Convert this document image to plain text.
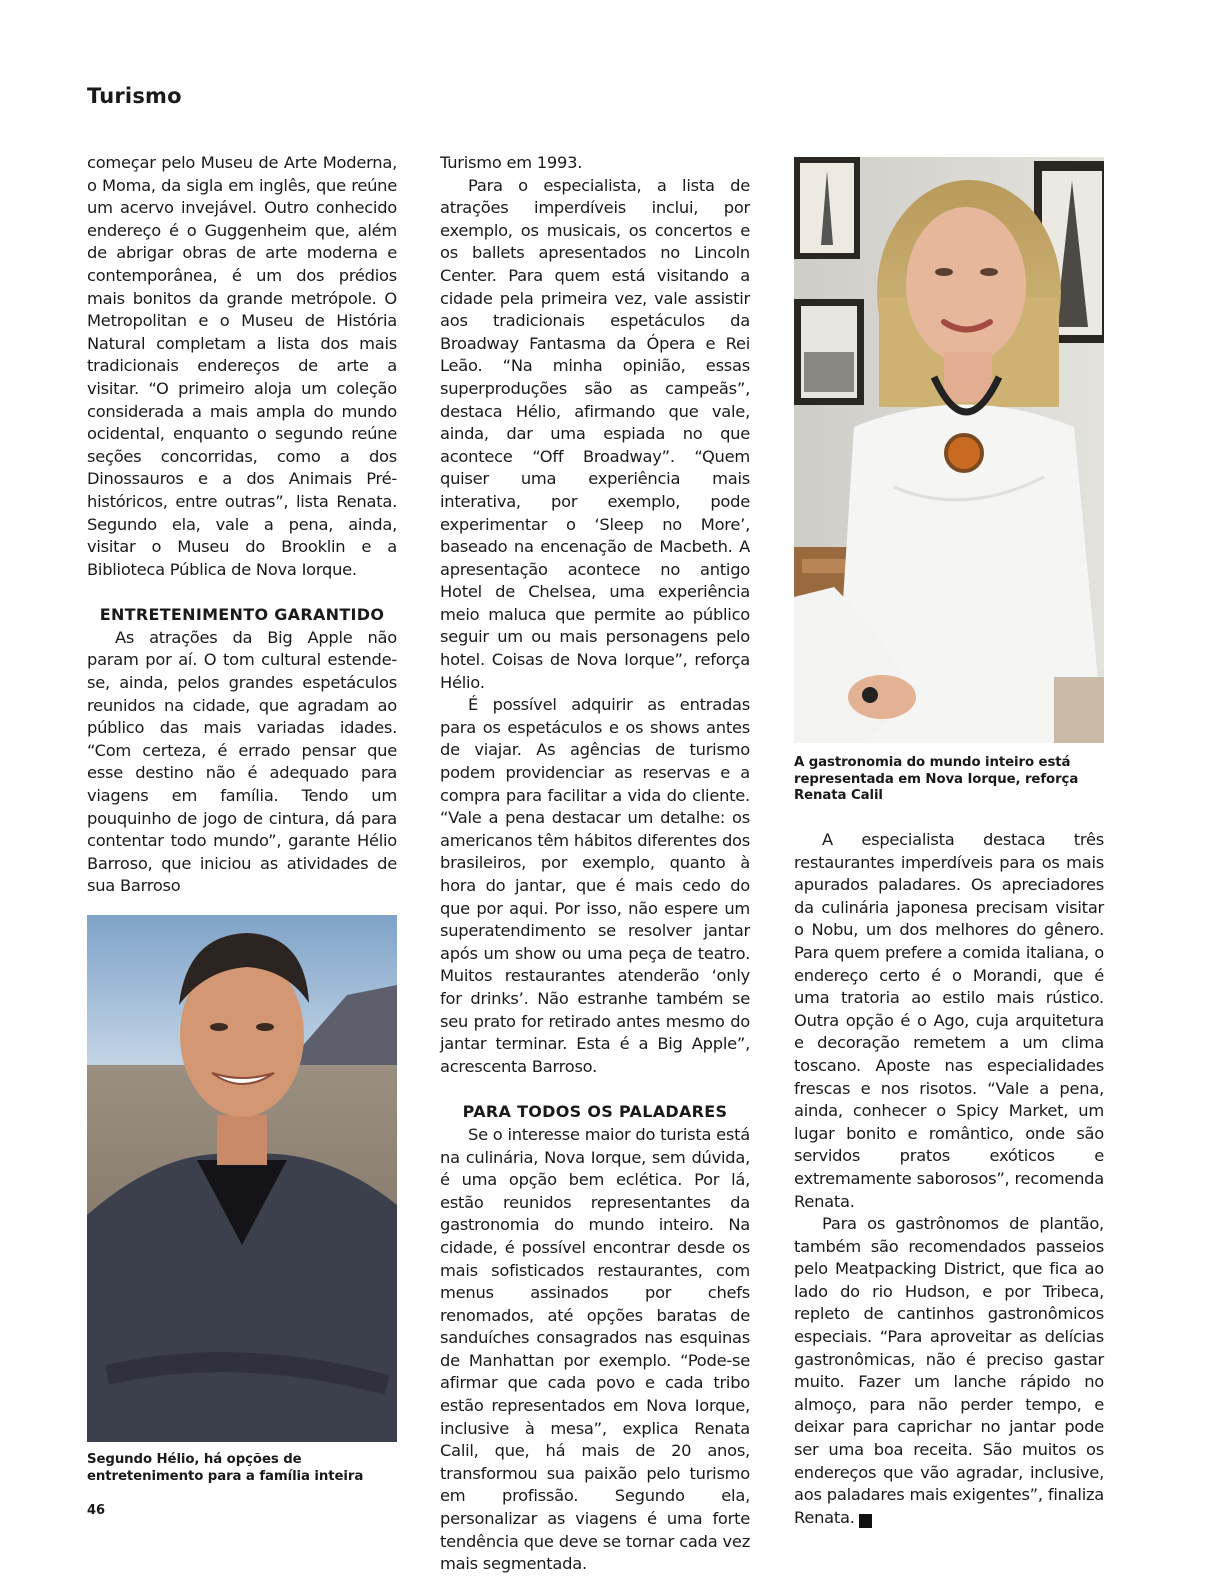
Turismo

começar pelo Museu de Arte Moderna, o Moma, da sigla em inglês, que reúne um acervo invejável. Outro conhecido endereço é o Guggenheim que, além de abrigar obras de arte moderna e contemporânea, é um dos prédios mais bonitos da grande metrópole. O Metropolitan e o Museu de História Natural completam a lista dos mais tradicionais endereços de arte a visitar. “O primeiro aloja um coleção considerada a mais ampla do mundo ocidental, enquanto o segundo reúne seções concorridas, como a dos Dinossauros e a dos Animais Pré-históricos, entre outras”, lista Renata. Segundo ela, vale a pena, ainda, visitar o Museu do Brooklin e a Biblioteca Pública de Nova Iorque.

ENTRETENIMENTO GARANTIDO

As atrações da Big Apple não param por aí. O tom cultural estende-se, ainda, pelos grandes espetáculos reunidos na cidade, que agradam ao público das mais variadas idades. “Com certeza, é errado pensar que esse destino não é adequado para viagens em família. Tendo um pouquinho de jogo de cintura, dá para contentar todo mundo”, garante Hélio Barroso, que iniciou as atividades de sua Barroso

Turismo em 1993.

Para o especialista, a lista de atrações imperdíveis inclui, por exemplo, os musicais, os concertos e os ballets apresentados no Lincoln Center. Para quem está visitando a cidade pela primeira vez, vale assistir aos tradicionais espetáculos da Broadway Fantasma da Ópera e Rei Leão. “Na minha opinião, essas superproduções são as campeãs”, destaca Hélio, afirmando que vale, ainda, dar uma espiada no que acontece “Off Broadway”. “Quem quiser uma experiência mais interativa, por exemplo, pode experimentar o ‘Sleep no More’, baseado na encenação de Macbeth. A apresentação acontece no antigo Hotel de Chelsea, uma experiência meio maluca que permite ao público seguir um ou mais personagens pelo hotel. Coisas de Nova Iorque”, reforça Hélio.

É possível adquirir as entradas para os espetáculos e os shows antes de viajar. As agências de turismo podem providenciar as reservas e a compra para facilitar a vida do cliente. “Vale a pena destacar um detalhe: os americanos têm hábitos diferentes dos brasileiros, por exemplo, quanto à hora do jantar, que é mais cedo do que por aqui. Por isso, não espere um superatendimento se resolver jantar após um show ou uma peça de teatro. Muitos restaurantes atenderão ‘only for drinks’. Não estranhe também se seu prato for retirado antes mesmo do jantar terminar. Esta é a Big Apple”, acrescenta Barroso.

PARA TODOS OS PALADARES

Se o interesse maior do turista está na culinária, Nova Iorque, sem dúvida, é uma opção bem eclética. Por lá, estão reunidos representantes da gastronomia do mundo inteiro. Na cidade, é possível encontrar desde os mais sofisticados restaurantes, com menus assinados por chefs renomados, até opções baratas de sanduíches consagrados nas esquinas de Manhattan por exemplo. “Pode-se afirmar que cada povo e cada tribo estão representados em Nova Iorque, inclusive à mesa”, explica Renata Calil, que, há mais de 20 anos, transformou sua paixão pelo turismo em profissão. Segundo ela, personalizar as viagens é uma forte tendência que deve se tornar cada vez mais segmentada.

A especialista destaca três restaurantes imperdíveis para os mais apurados paladares. Os apreciadores da culinária japonesa precisam visitar o Nobu, um dos melhores do gênero. Para quem prefere a comida italiana, o endereço certo é o Morandi, que é uma tratoria ao estilo mais rústico. Outra opção é o Ago, cuja arquitetura e decoração remetem a um clima toscano. Aposte nas especialidades frescas e nos risotos. “Vale a pena, ainda, conhecer o Spicy Market, um lugar bonito e romântico, onde são servidos pratos exóticos e extremamente saborosos”, recomenda Renata.

Para os gastrônomos de plantão, também são recomendados passeios pelo Meatpacking District, que fica ao lado do rio Hudson, e por Tribeca, repleto de cantinhos gastronômicos especiais. “Para aproveitar as delícias gastronômicas, não é preciso gastar muito. Fazer um lanche rápido no almoço, para não perder tempo, e deixar para caprichar no jantar pode ser uma boa receita. São muitos os endereços que vão agradar, inclusive, aos paladares mais exigentes”, finaliza Renata.	r

A gastronomia do mundo inteiro está
representada em Nova Iorque, reforça Renata Calil
Segundo Hélio, há opções de
entretenimento para a família inteira
46
